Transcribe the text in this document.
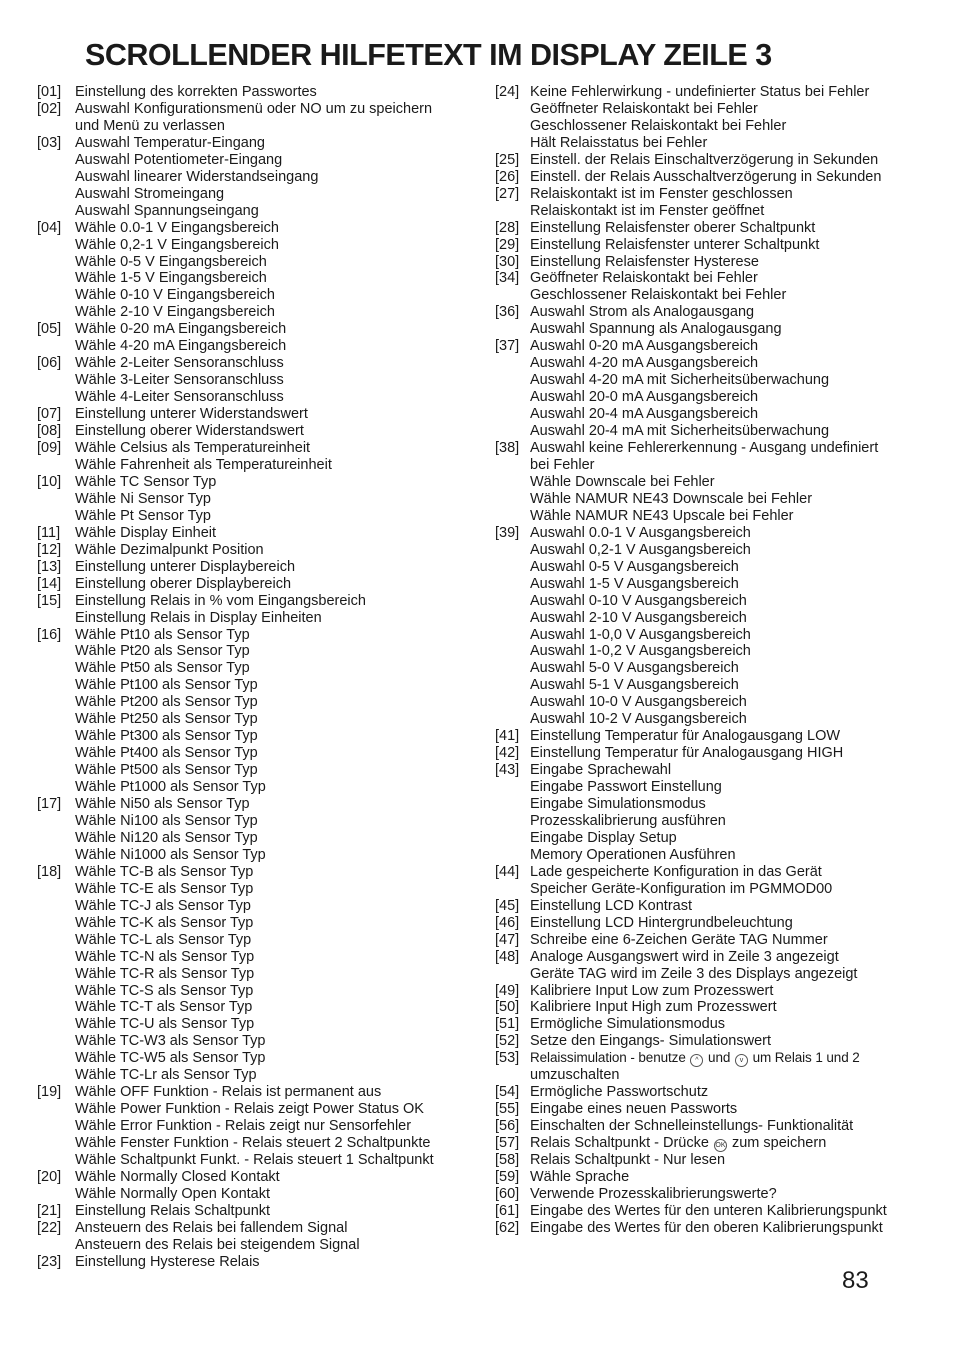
SCROLLENDER HILFETEXT IM DISPLAY ZEILE 3
[01] Einstellung des korrekten Passwortes
[02] Auswahl Konfigurationsmenü oder NO um zu speichern
und Menü zu verlassen
[03] Auswahl Temperatur-Eingang
Auswahl Potentiometer-Eingang
Auswahl linearer Widerstandseingang
Auswahl Stromeingang
Auswahl Spannungseingang
[04] Wähle 0.0-1 V Eingangsbereich
Wähle 0,2-1 V Eingangsbereich
Wähle 0-5 V Eingangsbereich
Wähle 1-5 V Eingangsbereich
Wähle 0-10 V Eingangsbereich
Wähle 2-10 V Eingangsbereich
[05] Wähle 0-20 mA Eingangsbereich
Wähle 4-20 mA Eingangsbereich
[06] Wähle 2-Leiter Sensoranschluss
Wähle 3-Leiter Sensoranschluss
Wähle 4-Leiter Sensoranschluss
[07] Einstellung unterer Widerstandswert
[08] Einstellung oberer Widerstandswert
[09] Wähle Celsius als Temperatureinheit
Wähle Fahrenheit als Temperatureinheit
[10] Wähle TC Sensor Typ
Wähle Ni Sensor Typ
Wähle Pt Sensor Typ
[11]	Wähle Display Einheit
[12] Wähle Dezimalpunkt Position
[13] Einstellung unterer Displaybereich
[14] Einstellung oberer Displaybereich
[15] Einstellung Relais in % vom Eingangsbereich
Einstellung Relais in Display Einheiten
[16] Wähle Pt10 als Sensor Typ
Wähle Pt20 als Sensor Typ
Wähle Pt50 als Sensor Typ
Wähle Pt100 als Sensor Typ
Wähle Pt200 als Sensor Typ
Wähle Pt250 als Sensor Typ
Wähle Pt300 als Sensor Typ
Wähle Pt400 als Sensor Typ
Wähle Pt500 als Sensor Typ
Wähle Pt1000 als Sensor Typ
[17] Wähle Ni50 als Sensor Typ
Wähle Ni100 als Sensor Typ
Wähle Ni120 als Sensor Typ
Wähle Ni1000 als Sensor Typ
[18] Wähle TC-B als Sensor Typ
Wähle TC-E als Sensor Typ
Wähle TC-J als Sensor Typ
Wähle TC-K als Sensor Typ
Wähle TC-L als Sensor Typ
Wähle TC-N als Sensor Typ
Wähle TC-R als Sensor Typ
Wähle TC-S als Sensor Typ
Wähle TC-T als Sensor Typ
Wähle TC-U als Sensor Typ
Wähle TC-W3 als Sensor Typ
Wähle TC-W5 als Sensor Typ
Wähle TC-Lr als Sensor Typ
[19] Wähle OFF Funktion - Relais ist permanent aus
Wähle Power Funktion - Relais zeigt Power Status OK
Wähle Error Funktion - Relais zeigt nur Sensorfehler
Wähle Fenster Funktion - Relais steuert 2 Schaltpunkte
Wähle Schaltpunkt Funkt. - Relais steuert 1 Schaltpunkt
[20] Wähle Normally Closed Kontakt
Wähle Normally Open Kontakt
[21] Einstellung Relais Schaltpunkt
[22] Ansteuern des Relais bei fallendem Signal
Ansteuern des Relais bei steigendem Signal
[23] Einstellung Hysterese Relais
[24] Keine Fehlerwirkung - undefinierter Status bei Fehler
Geöffneter Relaiskontakt bei Fehler
Geschlossener Relaiskontakt bei Fehler
Hält Relaisstatus bei Fehler
[25] Einstell. der Relais Einschaltverzögerung in Sekunden
[26] Einstell. der Relais Ausschaltverzögerung in Sekunden
[27] Relaiskontakt ist im Fenster geschlossen
Relaiskontakt ist im Fenster geöffnet
[28] Einstellung Relaisfenster oberer Schaltpunkt
[29] Einstellung Relaisfenster unterer Schaltpunkt
[30] Einstellung Relaisfenster Hysterese
[34] Geöffneter Relaiskontakt bei Fehler
Geschlossener Relaiskontakt bei Fehler
[36] Auswahl Strom als Analogausgang
Auswahl Spannung als Analogausgang
[37] Auswahl 0-20 mA Ausgangsbereich
Auswahl 4-20 mA Ausgangsbereich
Auswahl 4-20 mA mit Sicherheitsüberwachung
Auswahl 20-0 mA Ausgangsbereich
Auswahl 20-4 mA Ausgangsbereich
Auswahl 20-4 mA mit Sicherheitsüberwachung
[38] Auswahl keine Fehlererkennung - Ausgang undefiniert
bei Fehler
Wähle Downscale bei Fehler
Wähle NAMUR NE43 Downscale bei Fehler
Wähle NAMUR NE43 Upscale bei Fehler
[39] Auswahl 0.0-1 V Ausgangsbereich
Auswahl 0,2-1 V Ausgangsbereich
Auswahl 0-5 V Ausgangsbereich
Auswahl 1-5 V Ausgangsbereich
Auswahl 0-10 V Ausgangsbereich
Auswahl 2-10 V Ausgangsbereich
Auswahl 1-0,0 V Ausgangsbereich
Auswahl 1-0,2 V Ausgangsbereich
Auswahl 5-0 V Ausgangsbereich
Auswahl 5-1 V Ausgangsbereich
Auswahl 10-0 V Ausgangsbereich
Auswahl 10-2 V Ausgangsbereich
[41] Einstellung Temperatur für Analogausgang LOW
[42] Einstellung Temperatur für Analogausgang HIGH
[43] Eingabe Sprachewahl
Eingabe Passwort Einstellung
Eingabe Simulationsmodus
Prozesskalibrierung ausführen
Eingabe Display Setup
Memory Operationen Ausführen
[44] Lade gespeicherte Konfiguration in das Gerät
Speicher Geräte-Konfiguration im PGMMOD00
[45] Einstellung LCD Kontrast
[46] Einstellung LCD Hintergrundbeleuchtung
[47] Schreibe eine 6-Zeichen Geräte TAG Nummer
[48] Analoge Ausgangswert wird in Zeile 3 angezeigt
Geräte TAG wird im Zeile 3 des Displays angezeigt
[49] Kalibriere Input Low zum Prozesswert
[50] Kalibriere Input High zum Prozesswert
[51] Ermögliche Simulationsmodus
[52] Setze den Eingangs- Simulationswert
[53] Relaissimulation - benutze ^ und v um Relais 1 und 2
umzuschalten
[54] Ermögliche Passwortschutz
[55] Eingabe eines neuen Passworts
[56] Einschalten der Schnelleinstellungs- Funktionalität
[57] Relais Schaltpunkt - Drücke OK zum speichern
[58] Relais Schaltpunkt - Nur lesen
[59] Wähle Sprache
[60] Verwende Prozesskalibrierungswerte?
[61] Eingabe des Wertes für den unteren Kalibrierungspunkt
[62] Eingabe des Wertes für den oberen Kalibrierungspunkt
83
